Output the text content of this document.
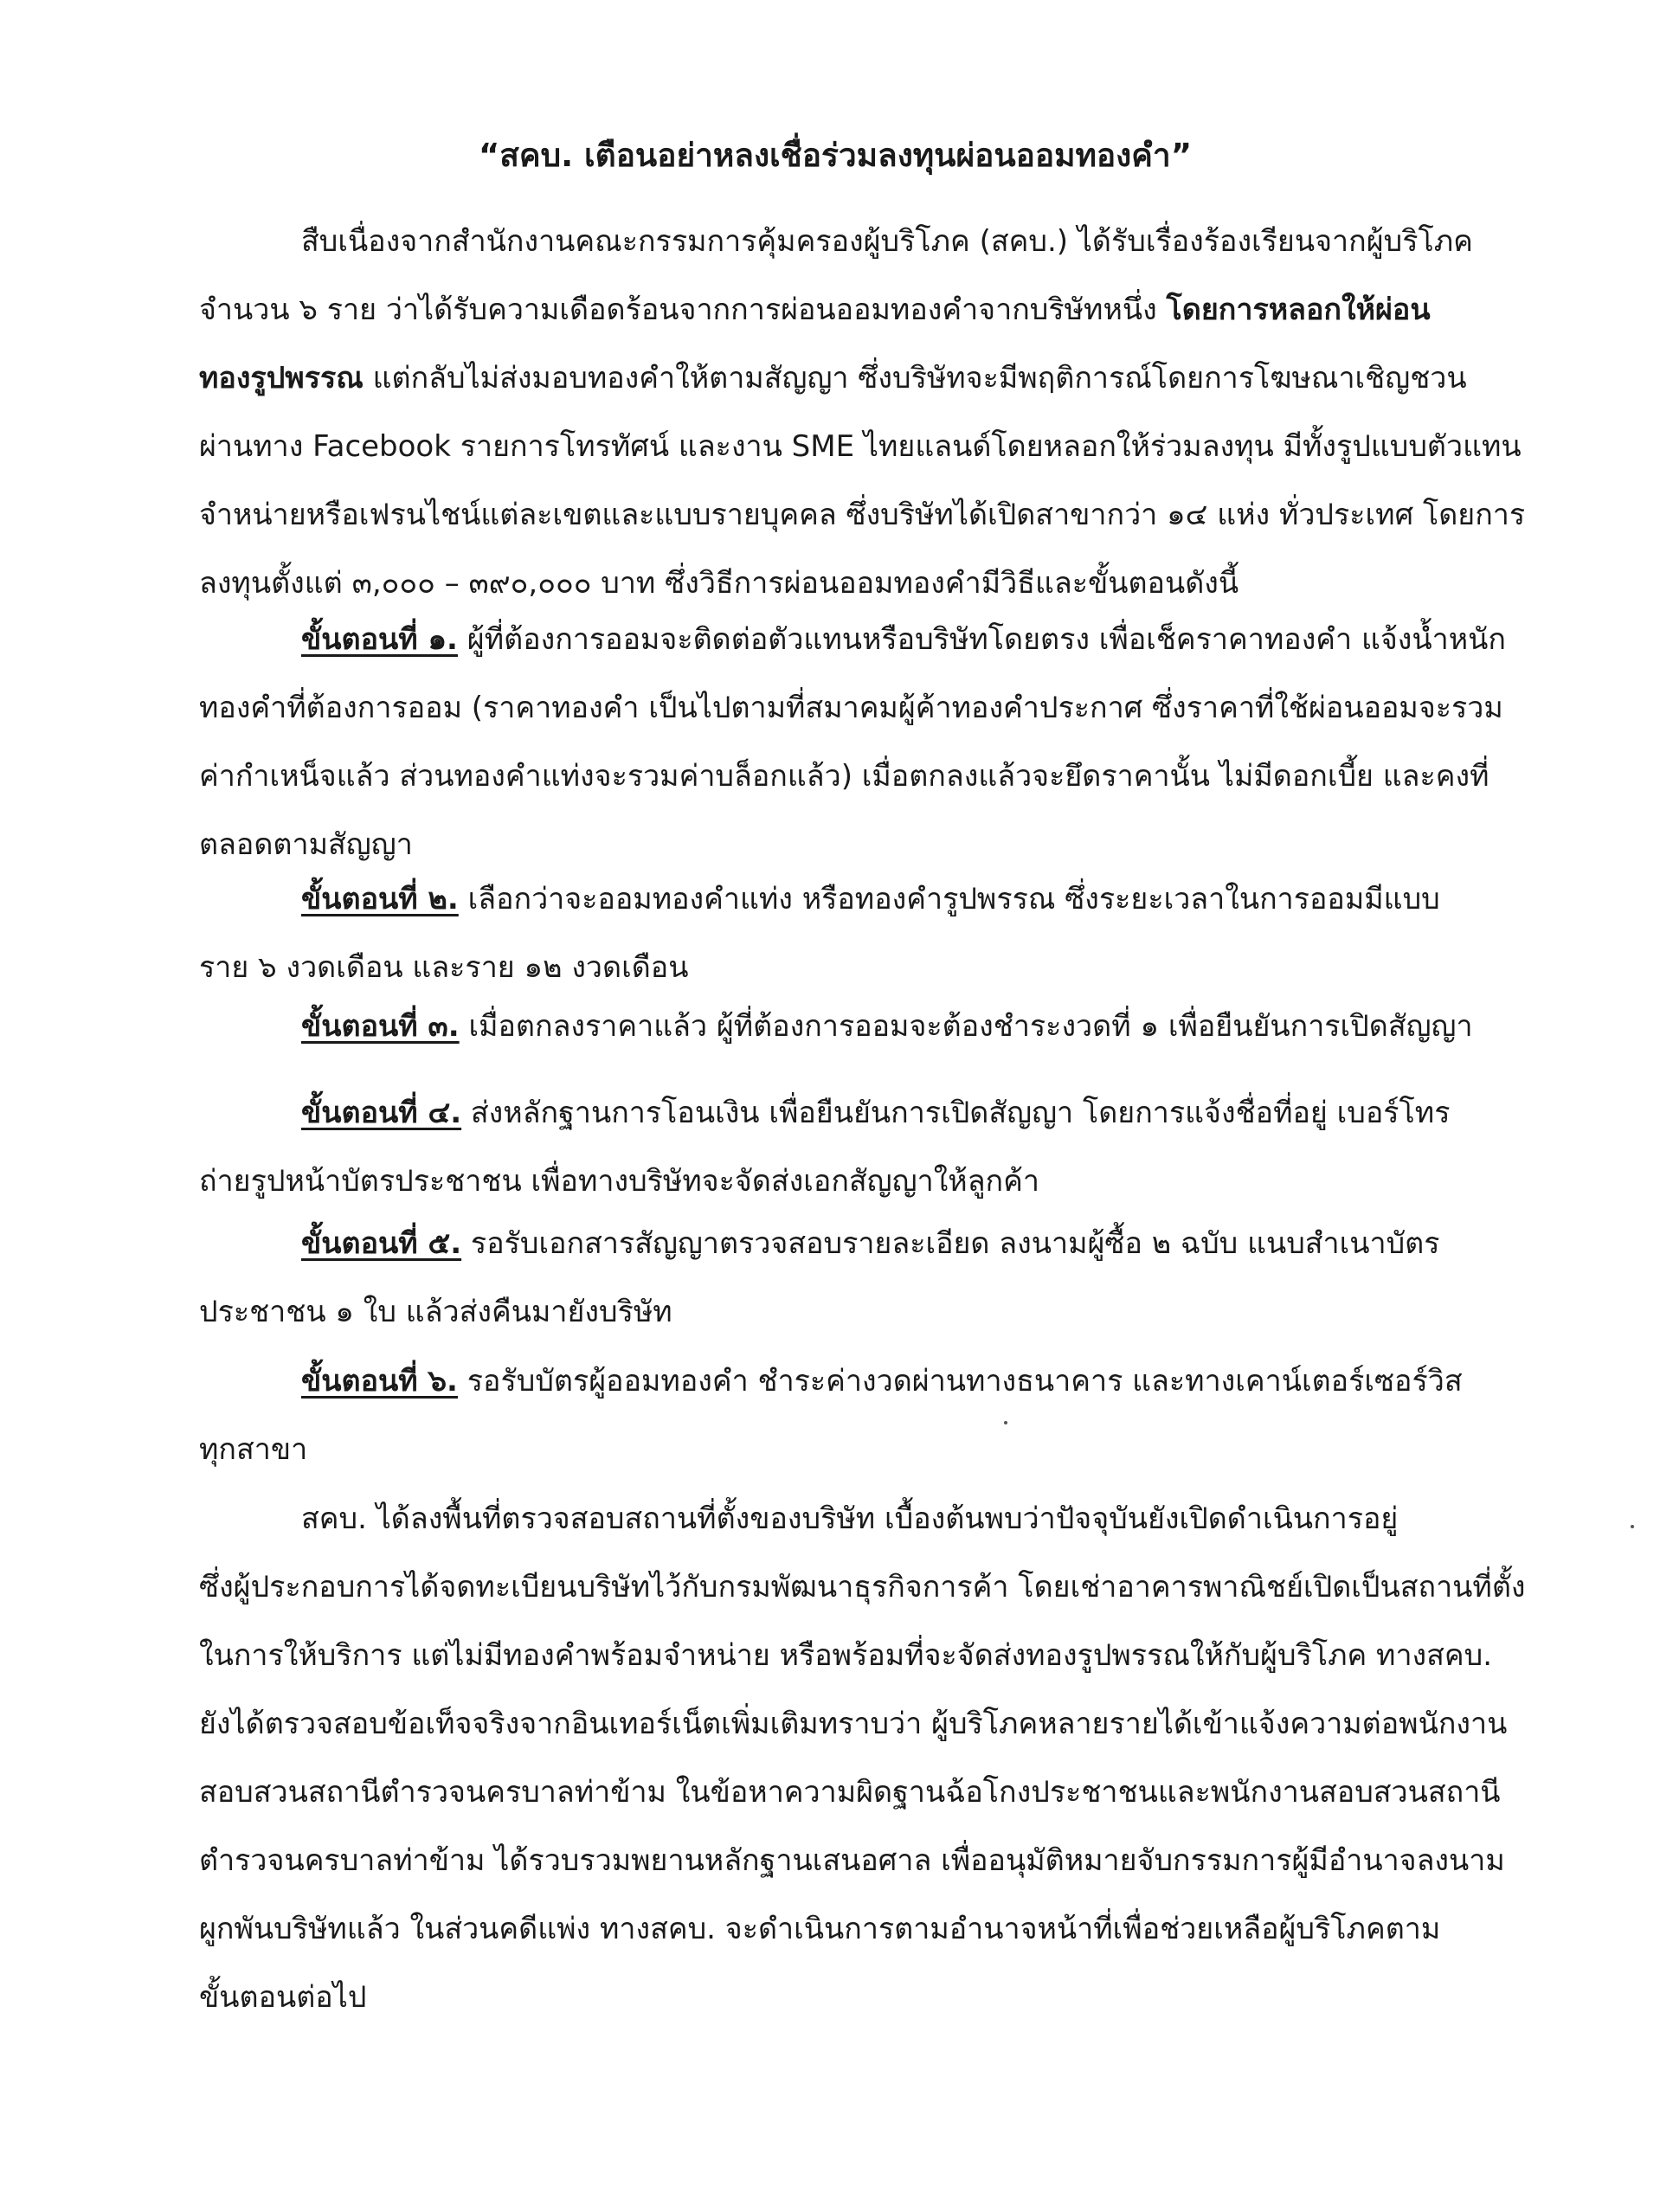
“สคบ. เตือนอย่าหลงเชื่อร่วมลงทุนผ่อนออมทองคำ”

สืบเนื่องจากสำนักงานคณะกรรมการคุ้มครองผู้บริโภค (สคบ.) ได้รับเรื่องร้องเรียนจากผู้บริโภค
จำนวน ๖ ราย ว่าได้รับความเดือดร้อนจากการผ่อนออมทองคำจากบริษัทหนึ่ง โดยการหลอกให้ผ่อน
ทองรูปพรรณ แต่กลับไม่ส่งมอบทองคำให้ตามสัญญา ซึ่งบริษัทจะมีพฤติการณ์โดยการโฆษณาเชิญชวน
ผ่านทาง Facebook รายการโทรทัศน์ และงาน SME ไทยแลนด์โดยหลอกให้ร่วมลงทุน มีทั้งรูปแบบตัวแทน
จำหน่ายหรือเฟรนไชน์แต่ละเขตและแบบรายบุคคล ซึ่งบริษัทได้เปิดสาขากว่า ๑๔ แห่ง ทั่วประเทศ โดยการ
ลงทุนตั้งแต่ ๓,๐๐๐ – ๓๙๐,๐๐๐ บาท ซึ่งวิธีการผ่อนออมทองคำมีวิธีและขั้นตอนดังนี้

ขั้นตอนที่ ๑. ผู้ที่ต้องการออมจะติดต่อตัวแทนหรือบริษัทโดยตรง เพื่อเช็คราคาทองคำ แจ้งน้ำหนัก
ทองคำที่ต้องการออม (ราคาทองคำ เป็นไปตามที่สมาคมผู้ค้าทองคำประกาศ ซึ่งราคาที่ใช้ผ่อนออมจะรวม
ค่ากำเหน็จแล้ว ส่วนทองคำแท่งจะรวมค่าบล็อกแล้ว) เมื่อตกลงแล้วจะยึดราคานั้น ไม่มีดอกเบี้ย และคงที่
ตลอดตามสัญญา

ขั้นตอนที่ ๒. เลือกว่าจะออมทองคำแท่ง หรือทองคำรูปพรรณ ซึ่งระยะเวลาในการออมมีแบบ
ราย ๖ งวดเดือน และราย ๑๒ งวดเดือน

ขั้นตอนที่ ๓. เมื่อตกลงราคาแล้ว ผู้ที่ต้องการออมจะต้องชำระงวดที่ ๑ เพื่อยืนยันการเปิดสัญญา

ขั้นตอนที่ ๔. ส่งหลักฐานการโอนเงิน เพื่อยืนยันการเปิดสัญญา โดยการแจ้งชื่อที่อยู่ เบอร์โทร
ถ่ายรูปหน้าบัตรประชาชน เพื่อทางบริษัทจะจัดส่งเอกสัญญาให้ลูกค้า

ขั้นตอนที่ ๕. รอรับเอกสารสัญญาตรวจสอบรายละเอียด ลงนามผู้ซื้อ ๒ ฉบับ แนบสำเนาบัตร
ประชาชน ๑ ใบ แล้วส่งคืนมายังบริษัท

ขั้นตอนที่ ๖. รอรับบัตรผู้ออมทองคำ ชำระค่างวดผ่านทางธนาคาร และทางเคาน์เตอร์เซอร์วิส
ทุกสาขา

สคบ. ได้ลงพื้นที่ตรวจสอบสถานที่ตั้งของบริษัท เบื้องต้นพบว่าปัจจุบันยังเปิดดำเนินการอยู่
ซึ่งผู้ประกอบการได้จดทะเบียนบริษัทไว้กับกรมพัฒนาธุรกิจการค้า โดยเช่าอาคารพาณิชย์เปิดเป็นสถานที่ตั้ง
ในการให้บริการ แต่ไม่มีทองคำพร้อมจำหน่าย หรือพร้อมที่จะจัดส่งทองรูปพรรณให้กับผู้บริโภค ทางสคบ.
ยังได้ตรวจสอบข้อเท็จจริงจากอินเทอร์เน็ตเพิ่มเติมทราบว่า ผู้บริโภคหลายรายได้เข้าแจ้งความต่อพนักงาน
สอบสวนสถานีตำรวจนครบาลท่าข้าม ในข้อหาความผิดฐานฉ้อโกงประชาชนและพนักงานสอบสวนสถานี
ตำรวจนครบาลท่าข้าม ได้รวบรวมพยานหลักฐานเสนอศาล เพื่ออนุมัติหมายจับกรรมการผู้มีอำนาจลงนาม
ผูกพันบริษัทแล้ว ในส่วนคดีแพ่ง ทางสคบ. จะดำเนินการตามอำนาจหน้าที่เพื่อช่วยเหลือผู้บริโภคตาม
ขั้นตอนต่อไป
